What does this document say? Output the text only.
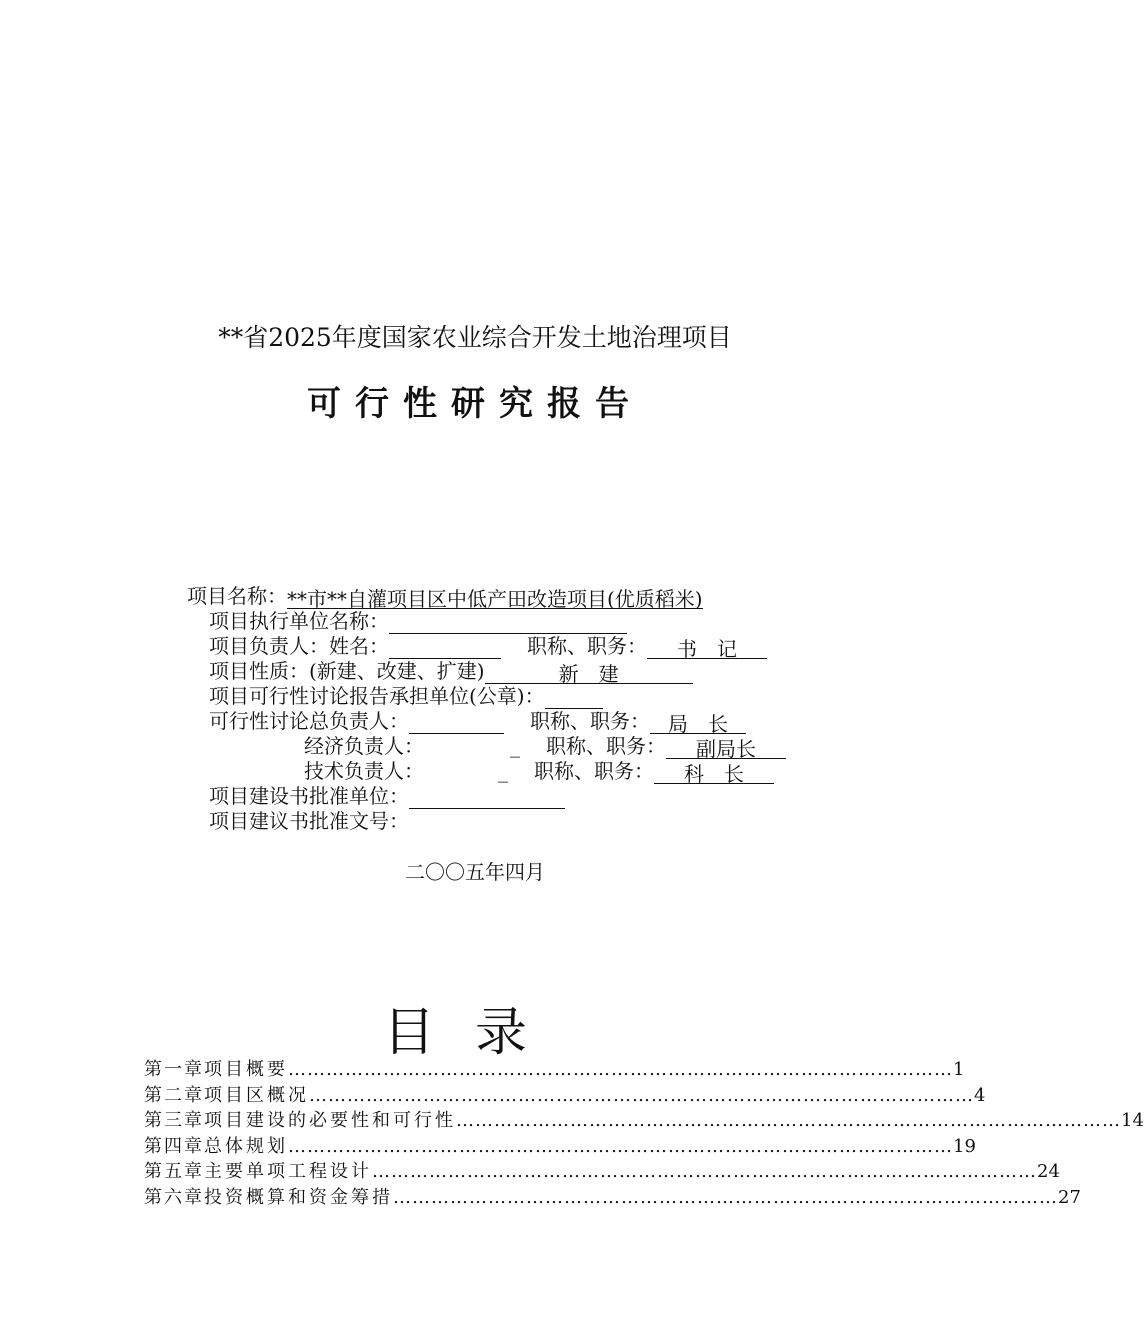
**省2025年度国家农业综合开发土地治理项目
可行性研究报告
项目名称：**市**自灌项目区中低产田改造项目(优质稻米)
项目执行单位名称：
项目负责人：姓名：	职称、职务： 书　记
项目性质：(新建、改建、扩建)	新　建
项目可行性讨论报告承担单位(公章)：
可行性讨论总负责人：	职称、职务： 局　长
经济负责人：	_ 职称、职务： 副局长
技术负责人：	_ 职称、职务： 科　长
项目建设书批准单位：
项目建议书批准文号：
二〇〇五年四月
目录
第一章 项目概要 …………………………………………………………………………………………… 1
第二章 项目区概况 …………………………………………………………………………………………… 4
第三章 项目建设的必要性和可行性 …………………………………………………………………………………………… 14
第四章 总体规划 …………………………………………………………………………………………… 19
第五章 主要单项工程设计 …………………………………………………………………………………………… 24
第六章 投资概算和资金筹措 …………………………………………………………………………………………… 27
